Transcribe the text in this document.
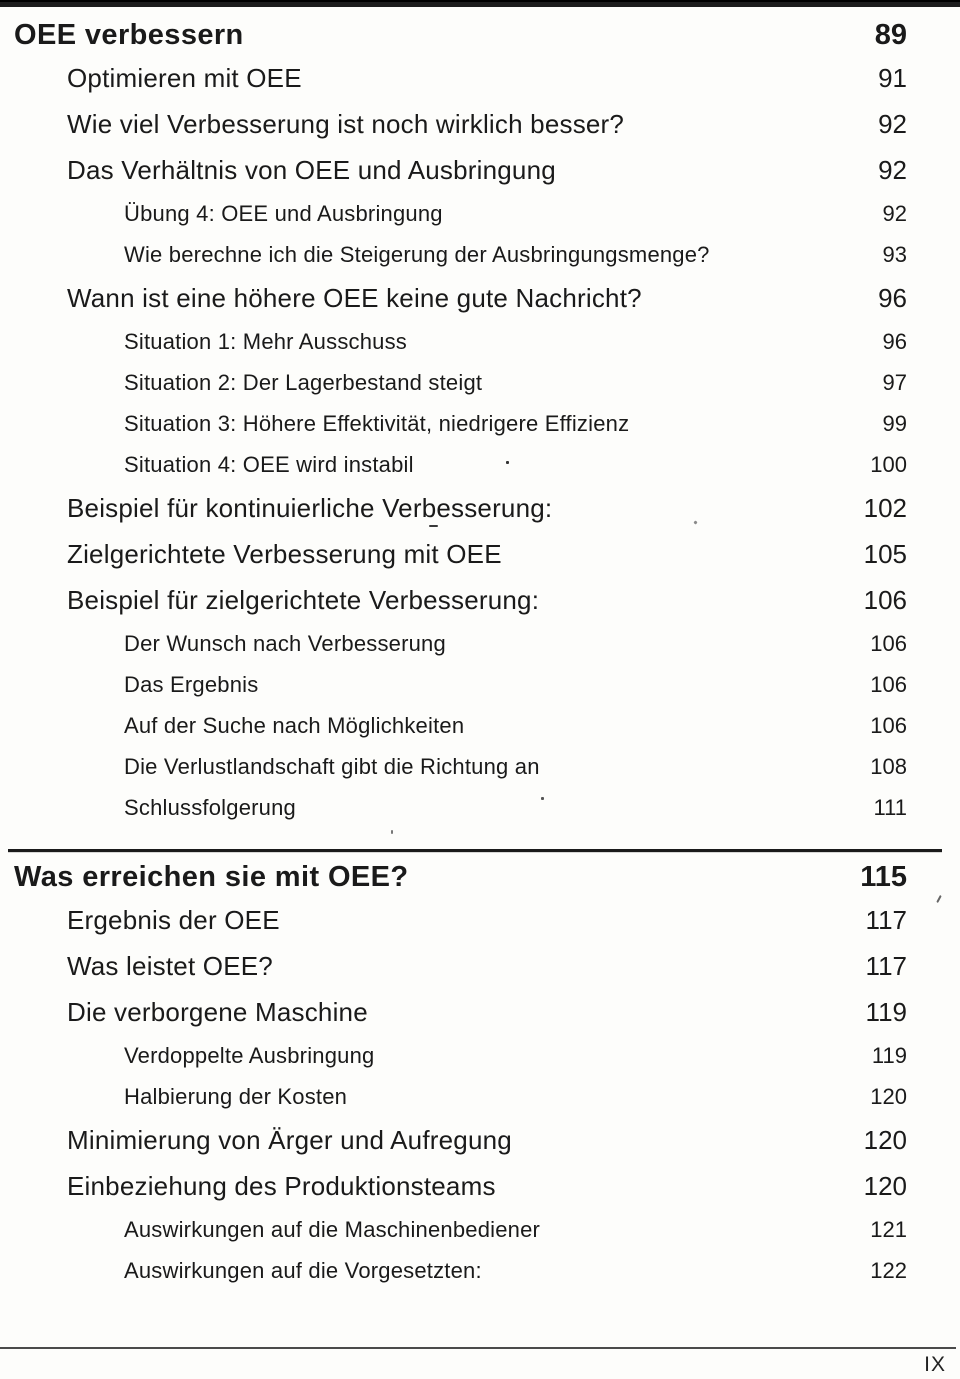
OEE verbessern	89
Optimieren mit OEE	91
Wie viel Verbesserung ist noch wirklich besser?	92
Das Verhältnis von OEE und Ausbringung	92
Übung 4: OEE und Ausbringung	92
Wie berechne ich die Steigerung der Ausbringungsmenge?	93
Wann ist eine höhere OEE keine gute Nachricht?	96
Situation 1: Mehr Ausschuss	96
Situation 2: Der Lagerbestand steigt	97
Situation 3: Höhere Effektivität, niedrigere Effizienz	99
Situation 4: OEE wird instabil	100
Beispiel für kontinuierliche Verbesserung:	102
Zielgerichtete Verbesserung mit OEE	105
Beispiel für zielgerichtete Verbesserung:	106
Der Wunsch nach Verbesserung	106
Das Ergebnis	106
Auf der Suche nach Möglichkeiten	106
Die Verlustlandschaft gibt die Richtung an	108
Schlussfolgerung	111
Was erreichen sie mit OEE?	115
Ergebnis der OEE	117
Was leistet OEE?	117
Die verborgene Maschine	119
Verdoppelte Ausbringung	119
Halbierung der Kosten	120
Minimierung von Ärger und Aufregung	120
Einbeziehung des Produktionsteams	120
Auswirkungen auf die Maschinenbediener	121
Auswirkungen auf die Vorgesetzten:	122
IX
